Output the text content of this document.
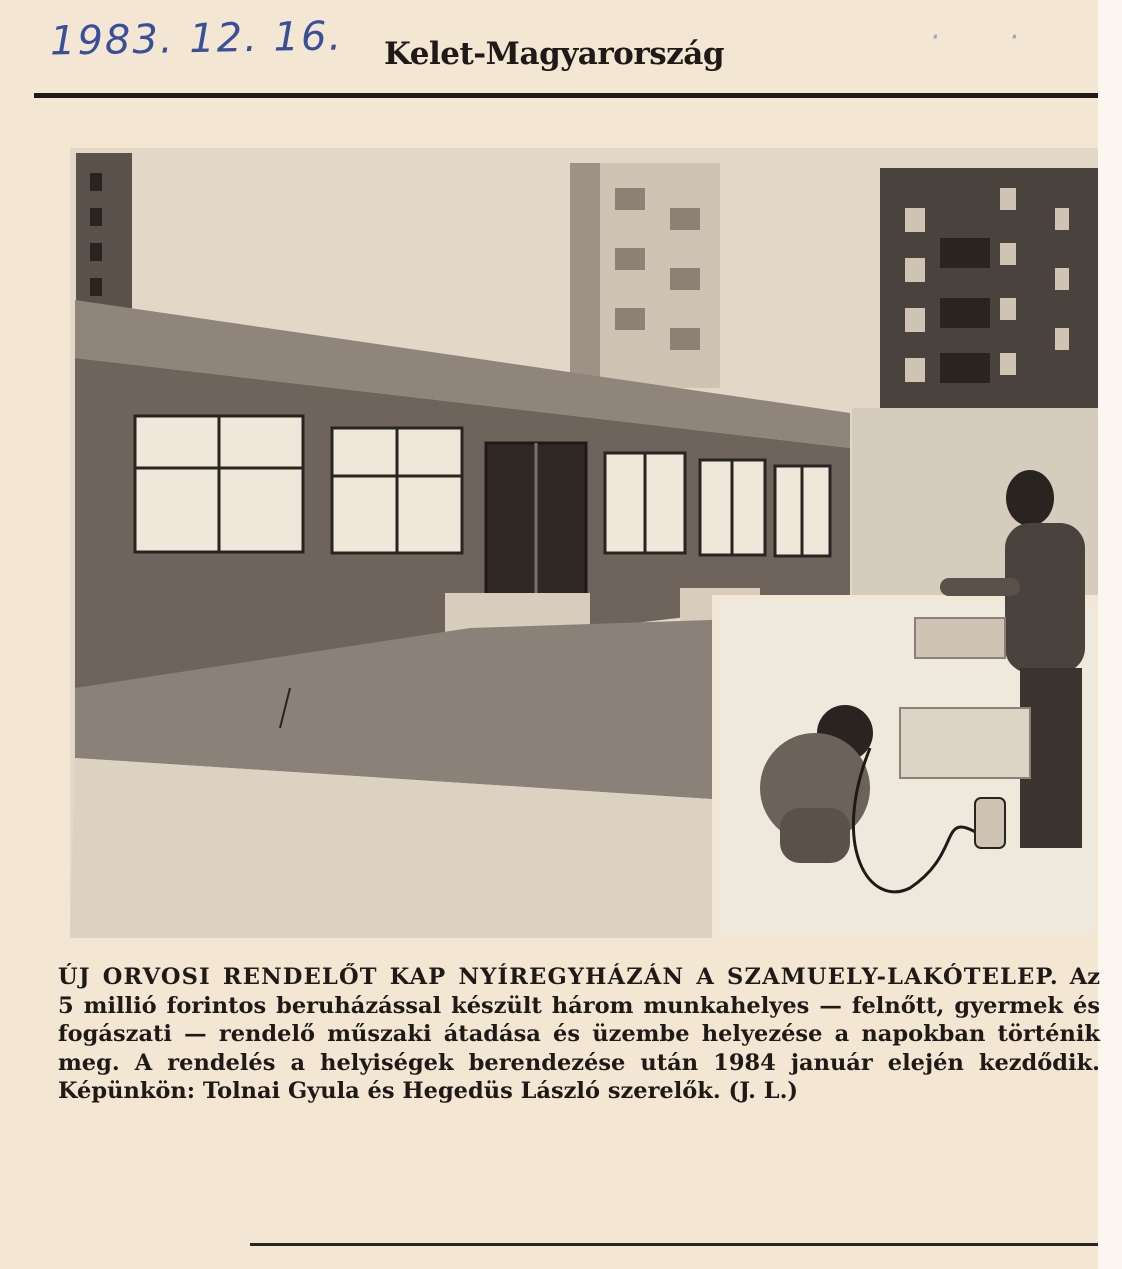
1983. 12. 16.	· ·
Kelet-Magyarország
ÚJ ORVOSI RENDELŐT KAP NYÍREGYHÁZÁN A SZAMUELY-LAKÓTELEP. Az 5 millió forintos beruházással készült három munkahelyes — felnőtt, gyermek és fogászati — rendelő műszaki átadása és üzembe helyezése a napokban történik meg. A rendelés a helyiségek berendezése után 1984 január elején kezdődik. Képünkön: Tolnai Gyula és Hegedüs László szerelők. (J. L.)
